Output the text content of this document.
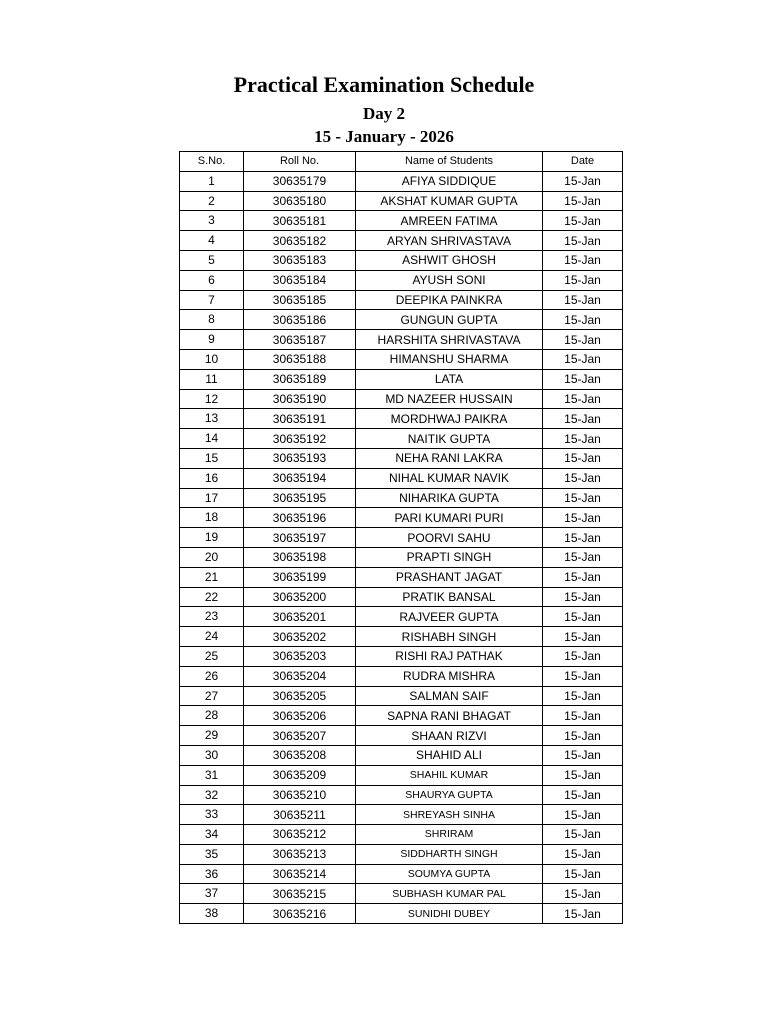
Practical Examination Schedule
Day 2
15 - January - 2026
S.No.	Roll No.	Name of Students	Date
1	30635179	AFIYA SIDDIQUE	15-Jan
2	30635180	AKSHAT KUMAR GUPTA	15-Jan
3	30635181	AMREEN FATIMA	15-Jan
4	30635182	ARYAN SHRIVASTAVA	15-Jan
5	30635183	ASHWIT GHOSH	15-Jan
6	30635184	AYUSH SONI	15-Jan
7	30635185	DEEPIKA PAINKRA	15-Jan
8	30635186	GUNGUN GUPTA	15-Jan
9	30635187	HARSHITA SHRIVASTAVA	15-Jan
10	30635188	HIMANSHU SHARMA	15-Jan
11	30635189	LATA	15-Jan
12	30635190	MD NAZEER HUSSAIN	15-Jan
13	30635191	MORDHWAJ PAIKRA	15-Jan
14	30635192	NAITIK GUPTA	15-Jan
15	30635193	NEHA RANI LAKRA	15-Jan
16	30635194	NIHAL KUMAR NAVIK	15-Jan
17	30635195	NIHARIKA GUPTA	15-Jan
18	30635196	PARI KUMARI PURI	15-Jan
19	30635197	POORVI SAHU	15-Jan
20	30635198	PRAPTI SINGH	15-Jan
21	30635199	PRASHANT JAGAT	15-Jan
22	30635200	PRATIK BANSAL	15-Jan
23	30635201	RAJVEER GUPTA	15-Jan
24	30635202	RISHABH SINGH	15-Jan
25	30635203	RISHI RAJ PATHAK	15-Jan
26	30635204	RUDRA MISHRA	15-Jan
27	30635205	SALMAN SAIF	15-Jan
28	30635206	SAPNA RANI BHAGAT	15-Jan
29	30635207	SHAAN RIZVI	15-Jan
30	30635208	SHAHID ALI	15-Jan
31	30635209	SHAHIL KUMAR	15-Jan
32	30635210	SHAURYA GUPTA	15-Jan
33	30635211	SHREYASH SINHA	15-Jan
34	30635212	SHRIRAM	15-Jan
35	30635213	SIDDHARTH SINGH	15-Jan
36	30635214	SOUMYA GUPTA	15-Jan
37	30635215	SUBHASH KUMAR PAL	15-Jan
38	30635216	SUNIDHI DUBEY	15-Jan
